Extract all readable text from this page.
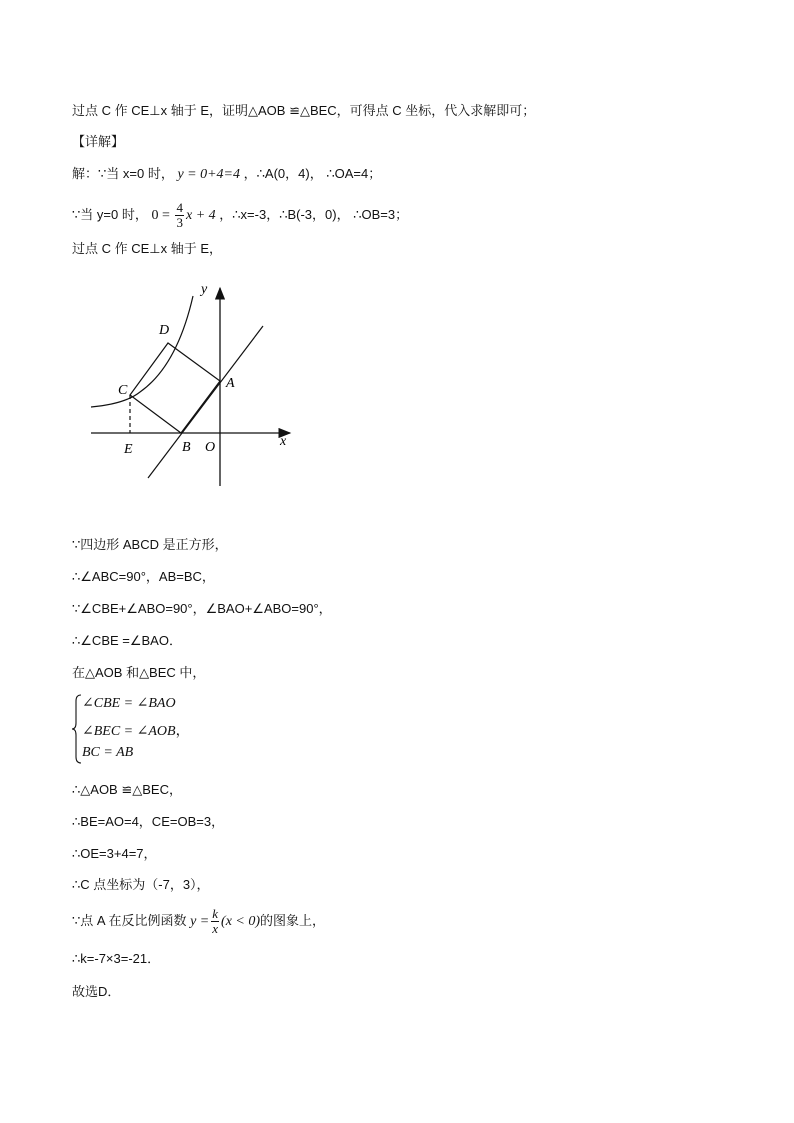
过点 C 作 CE⊥x 轴于 E，证明△AOB ≌△BEC，可得点 C 坐标，代入求解即可；
【详解】
解：∵当 x=0 时， y = 0+4=4 ，∴A(0，4)， ∴OA=4；
∵当 y=0 时， $0 = \frac{4}{3}$ x + 4 ，∴x=-3，∴B(-3，0)， ∴OB=3；
过点 C 作 CE⊥x 轴于 E，
y
x
D
C	A
E	B O
∵四边形 ABCD 是正方形，
∴∠ABC=90°，AB=BC，
∵∠CBE+∠ABO=90°，∠BAO+∠ABO=90°，
∴∠CBE =∠BAO．
在△AOB 和△BEC 中，
∠CBE = ∠BAO
∠BEC = ∠AOB，
BC = AB
∴△AOB ≌△BEC，
∴BE=AO=4，CE=OB=3，
∴OE=3+4=7，
∴C 点坐标为（-7，3），
∵点 A 在反比例函数 $y = \frac{k}{x} (x < 0)$的图象上，
∴k=-7×3=-21．
故选D．
